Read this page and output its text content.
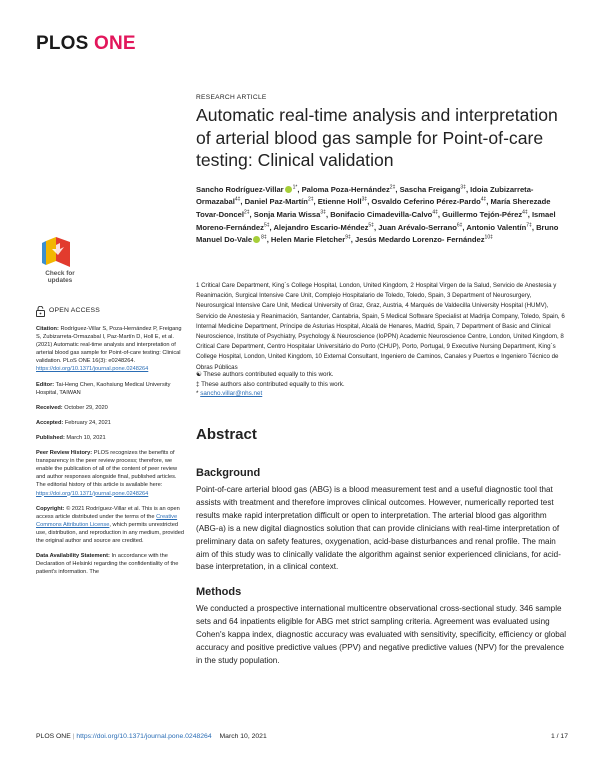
PLOS ONE
Check for
updates
OPEN ACCESS
Citation: Rodríguez-Villar S, Poza-Hernández P, Freigang S, Zubizarreta-Ormazabal I, Paz-Martín D, Holl E, et al. (2021) Automatic real-time analysis and interpretation of arterial blood gas sample for Point-of-care testing: Clinical validation. PLoS ONE 16(3): e0248264. https://doi.org/10.1371/journal.pone.0248264
Editor: Tai-Heng Chen, Kaohsiung Medical University Hospital, TAIWAN
Received: October 29, 2020
Accepted: February 24, 2021
Published: March 10, 2021
Peer Review History: PLOS recognizes the benefits of transparency in the peer review process; therefore, we enable the publication of all of the content of peer review and author responses alongside final, published articles. The editorial history of this article is available here: https://doi.org/10.1371/journal.pone.0248264
Copyright: © 2021 Rodríguez-Villar et al. This is an open access article distributed under the terms of the Creative Commons Attribution License, which permits unrestricted use, distribution, and reproduction in any medium, provided the original author and source are credited.
Data Availability Statement: In accordance with the Declaration of Helsinki regarding the confidentiality of the patient's information. The
RESEARCH ARTICLE
Automatic real-time analysis and interpretation of arterial blood gas sample for Point-of-care testing: Clinical validation
Sancho Rodríguez-Villar $^{1*}$, Paloma Poza-Hernández$^{2\ddagger}$, Sascha Freigang$^{3\ddagger}$, Idoia Zubizarreta-Ormazabal$^{4\ddagger}$, Daniel Paz-Martín$^{2\ddagger}$, Etienne Holl$^{3\ddagger}$, Osvaldo Ceferino Pérez-Pardo$^{4\ddagger}$, María Sherezade Tovar-Doncel$^{2\ddagger}$, Sonja Maria Wissa$^{3\ddagger}$, Bonifacio Cimadevilla-Calvo$^{4\ddagger}$, Guillermo Tejón-Pérez$^{4\ddagger}$, Ismael Moreno-Fernández$^{5\ddagger}$, Alejandro Escario-Méndez$^{5\ddagger}$, Juan Arévalo-Serrano$^{6\ddagger}$, Antonio Valentín$^{7\ddagger}$, Bruno Manuel Do-Vale $^{8\ddagger}$, Helen Marie Fletcher$^{9\ddagger}$, Jesús Medardo Lorenzo- Fernández$^{10\ddagger}$
1 Critical Care Department, King´s College Hospital, London, United Kingdom, 2 Hospital Virgen de la Salud, Servicio de Anestesia y Reanimación, Surgical Intensive Care Unit, Complejo Hospitalario de Toledo, Toledo, Spain, 3 Department of Neurosurgery, Neurosurgical Intensive Care Unit, Medical University of Graz, Graz, Austria, 4 Marqués de Valdecilla University Hospital (HUMV), Servicio de Anestesia y Reanimación, Santander, Cantabria, Spain, 5 Medical Software Specialist at Madrija Company, Toledo, Spain, 6 Internal Medicine Department, Príncipe de Asturias Hospital, Alcalá de Henares, Madrid, Spain, 7 Department of Basic and Clinical Neuroscience, Institute of Psychiatry, Psychology & Neuroscience (IoPPN) Academic Neuroscience Centre, London, United Kingdom, 8 Critical Care Department, Centro Hospitalar Universitário do Porto (CHUP), Porto, Portugal, 9 Executive Nursing Department, King´s College Hospital, London, United Kingdom, 10 External Consultant, Ingeniero de Caminos, Canales y Puertos e Ingeniero Técnico de Obras Públicas
☯ These authors contributed equally to this work.
‡ These authors also contributed equally to this work.
* sancho.villar@nhs.net
Abstract
Background

Point-of-care arterial blood gas (ABG) is a blood measurement test and a useful diagnostic tool that assists with treatment and therefore improves clinical outcomes. However, numerically reported test results make rapid interpretation difficult or open to interpretation. The arterial blood gas algorithm (ABG-a) is a new digital diagnostics solution that can provide clinicians with real-time interpretation of preliminary data on safety features, oxygenation, acid-base disturbances and renal profile. The main aim of this study was to clinically validate the algorithm against senior experienced clinicians, for acid-base interpretation, in a clinical context.

Methods

We conducted a prospective international multicentre observational cross-sectional study. 346 sample sets and 64 inpatients eligible for ABG met strict sampling criteria. Agreement was evaluated using Cohen's kappa index, diagnostic accuracy was evaluated with sensitivity, specificity, efficiency or global accuracy and positive predictive values (PPV) and negative predictive values (NPV) for the prevalence in the study population.

PLOS ONE | https://doi.org/10.1371/journal.pone.0248264 March 10, 2021	1 / 17
